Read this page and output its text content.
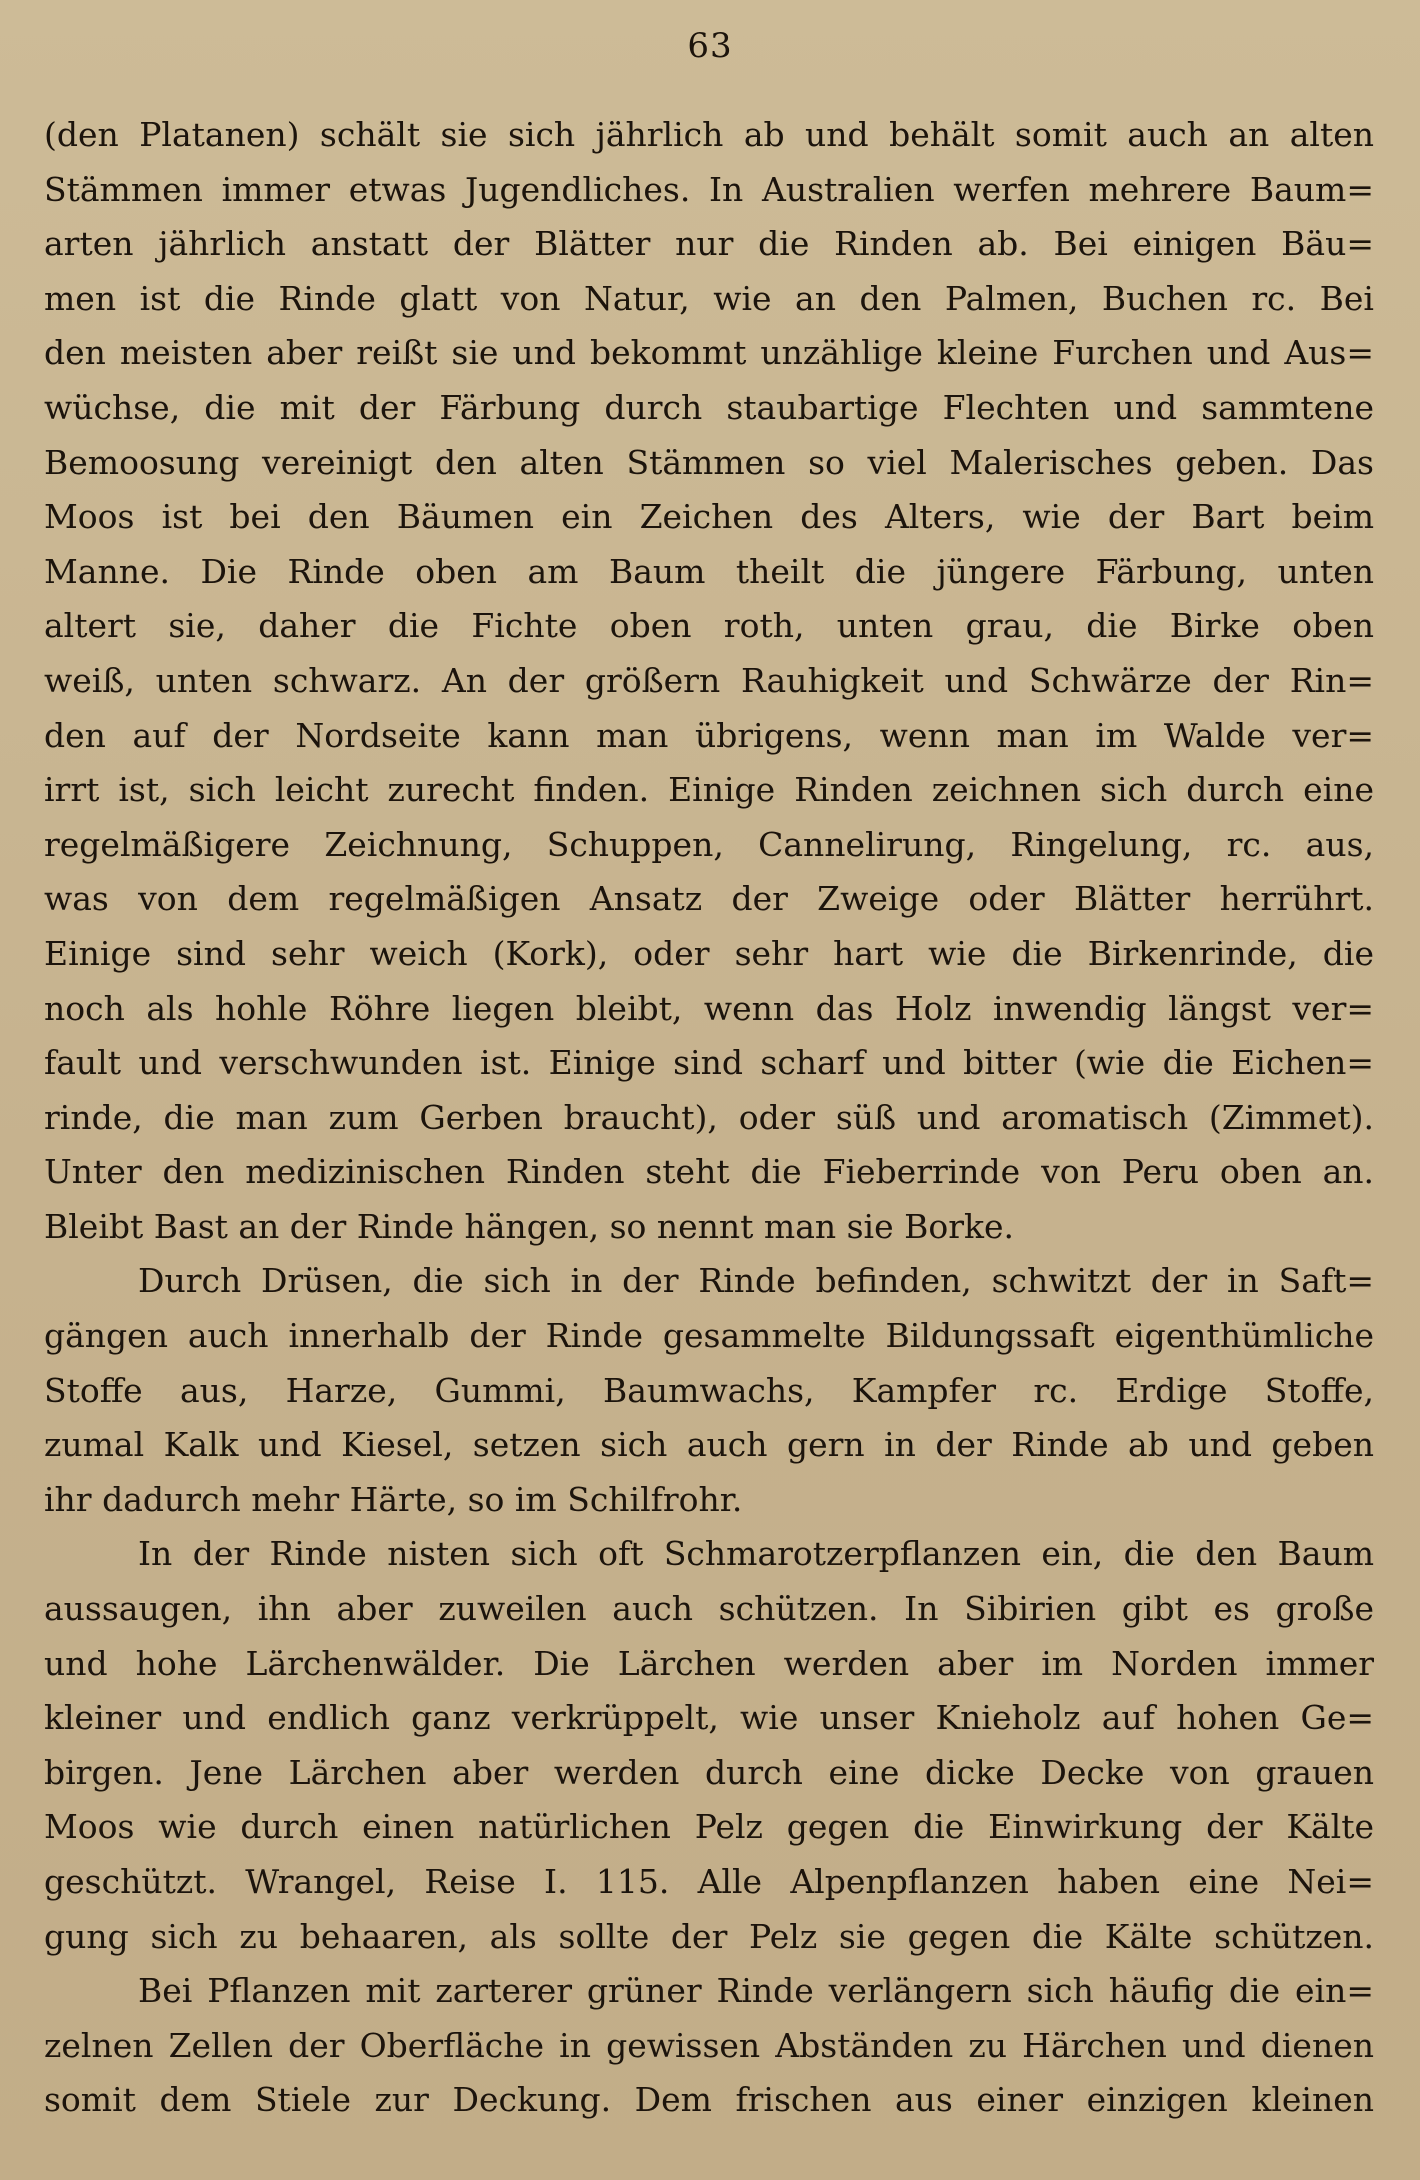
63
(den Platanen) schält sie sich jährlich ab und behält somit auch an alten
Stämmen immer etwas Jugendliches. In Australien werfen mehrere Baum=
arten jährlich anstatt der Blätter nur die Rinden ab. Bei einigen Bäu=
men ist die Rinde glatt von Natur, wie an den Palmen, Buchen rc. Bei
den meisten aber reißt sie und bekommt unzählige kleine Furchen und Aus=
wüchse, die mit der Färbung durch staubartige Flechten und sammtene
Bemoosung vereinigt den alten Stämmen so viel Malerisches geben. Das
Moos ist bei den Bäumen ein Zeichen des Alters, wie der Bart beim
Manne. Die Rinde oben am Baum theilt die jüngere Färbung, unten
altert sie, daher die Fichte oben roth, unten grau, die Birke oben
weiß, unten schwarz. An der größern Rauhigkeit und Schwärze der Rin=
den auf der Nordseite kann man übrigens, wenn man im Walde ver=
irrt ist, sich leicht zurecht finden. Einige Rinden zeichnen sich durch eine
regelmäßigere Zeichnung, Schuppen, Cannelirung, Ringelung, rc. aus,
was von dem regelmäßigen Ansatz der Zweige oder Blätter herrührt.
Einige sind sehr weich (Kork), oder sehr hart wie die Birkenrinde, die
noch als hohle Röhre liegen bleibt, wenn das Holz inwendig längst ver=
fault und verschwunden ist. Einige sind scharf und bitter (wie die Eichen=
rinde, die man zum Gerben braucht), oder süß und aromatisch (Zimmet).
Unter den medizinischen Rinden steht die Fieberrinde von Peru oben an.
Bleibt Bast an der Rinde hängen, so nennt man sie Borke.
Durch Drüsen, die sich in der Rinde befinden, schwitzt der in Saft=
gängen auch innerhalb der Rinde gesammelte Bildungssaft eigenthümliche
Stoffe aus, Harze, Gummi, Baumwachs, Kampfer rc. Erdige Stoffe,
zumal Kalk und Kiesel, setzen sich auch gern in der Rinde ab und geben
ihr dadurch mehr Härte, so im Schilfrohr.
In der Rinde nisten sich oft Schmarotzerpflanzen ein, die den Baum
aussaugen, ihn aber zuweilen auch schützen. In Sibirien gibt es große
und hohe Lärchenwälder. Die Lärchen werden aber im Norden immer
kleiner und endlich ganz verkrüppelt, wie unser Knieholz auf hohen Ge=
birgen. Jene Lärchen aber werden durch eine dicke Decke von grauen
Moos wie durch einen natürlichen Pelz gegen die Einwirkung der Kälte
geschützt. Wrangel, Reise I. 115. Alle Alpenpflanzen haben eine Nei=
gung sich zu behaaren, als sollte der Pelz sie gegen die Kälte schützen.
Bei Pflanzen mit zarterer grüner Rinde verlängern sich häufig die ein=
zelnen Zellen der Oberfläche in gewissen Abständen zu Härchen und dienen
somit dem Stiele zur Deckung. Dem frischen aus einer einzigen kleinen
